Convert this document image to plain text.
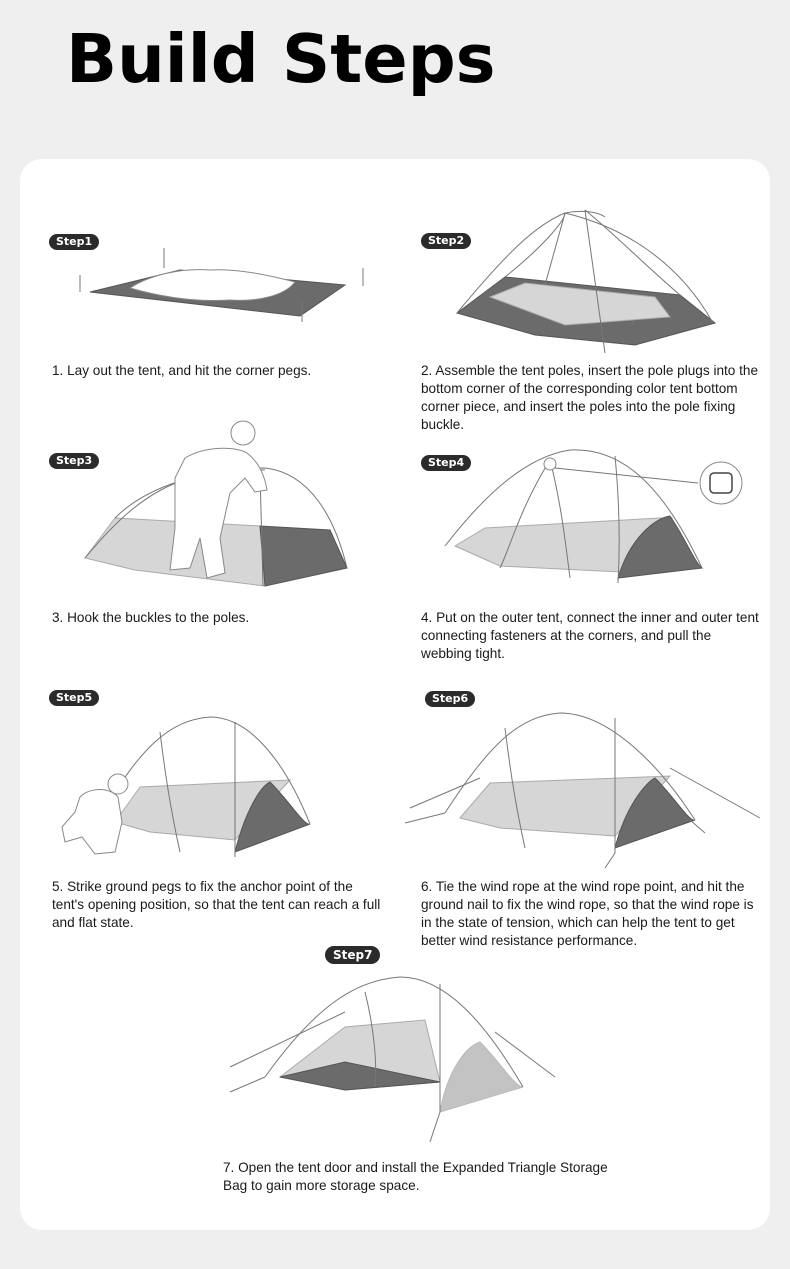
Build Steps
Step1

1. Lay out the tent, and hit the corner pegs.

Step2

2. Assemble the tent poles, insert the pole plugs into the bottom corner of the corresponding color tent bottom corner piece, and insert the poles into the pole fixing buckle.

Step3

3. Hook the buckles to the poles.

Step4

4. Put on the outer tent, connect the inner and outer tent connecting fasteners at the corners, and pull the webbing tight.

Step5

5. Strike ground pegs to fix the anchor point of the tent's opening position, so that the tent can reach a full and flat state.

Step6

6. Tie the wind rope at the wind rope point, and hit the ground nail to fix the wind rope, so that the wind rope is in the state of tension, which can help the tent to get better wind resistance performance.

Step7

7. Open the tent door and install the Expanded Triangle Storage Bag to gain more storage space.
